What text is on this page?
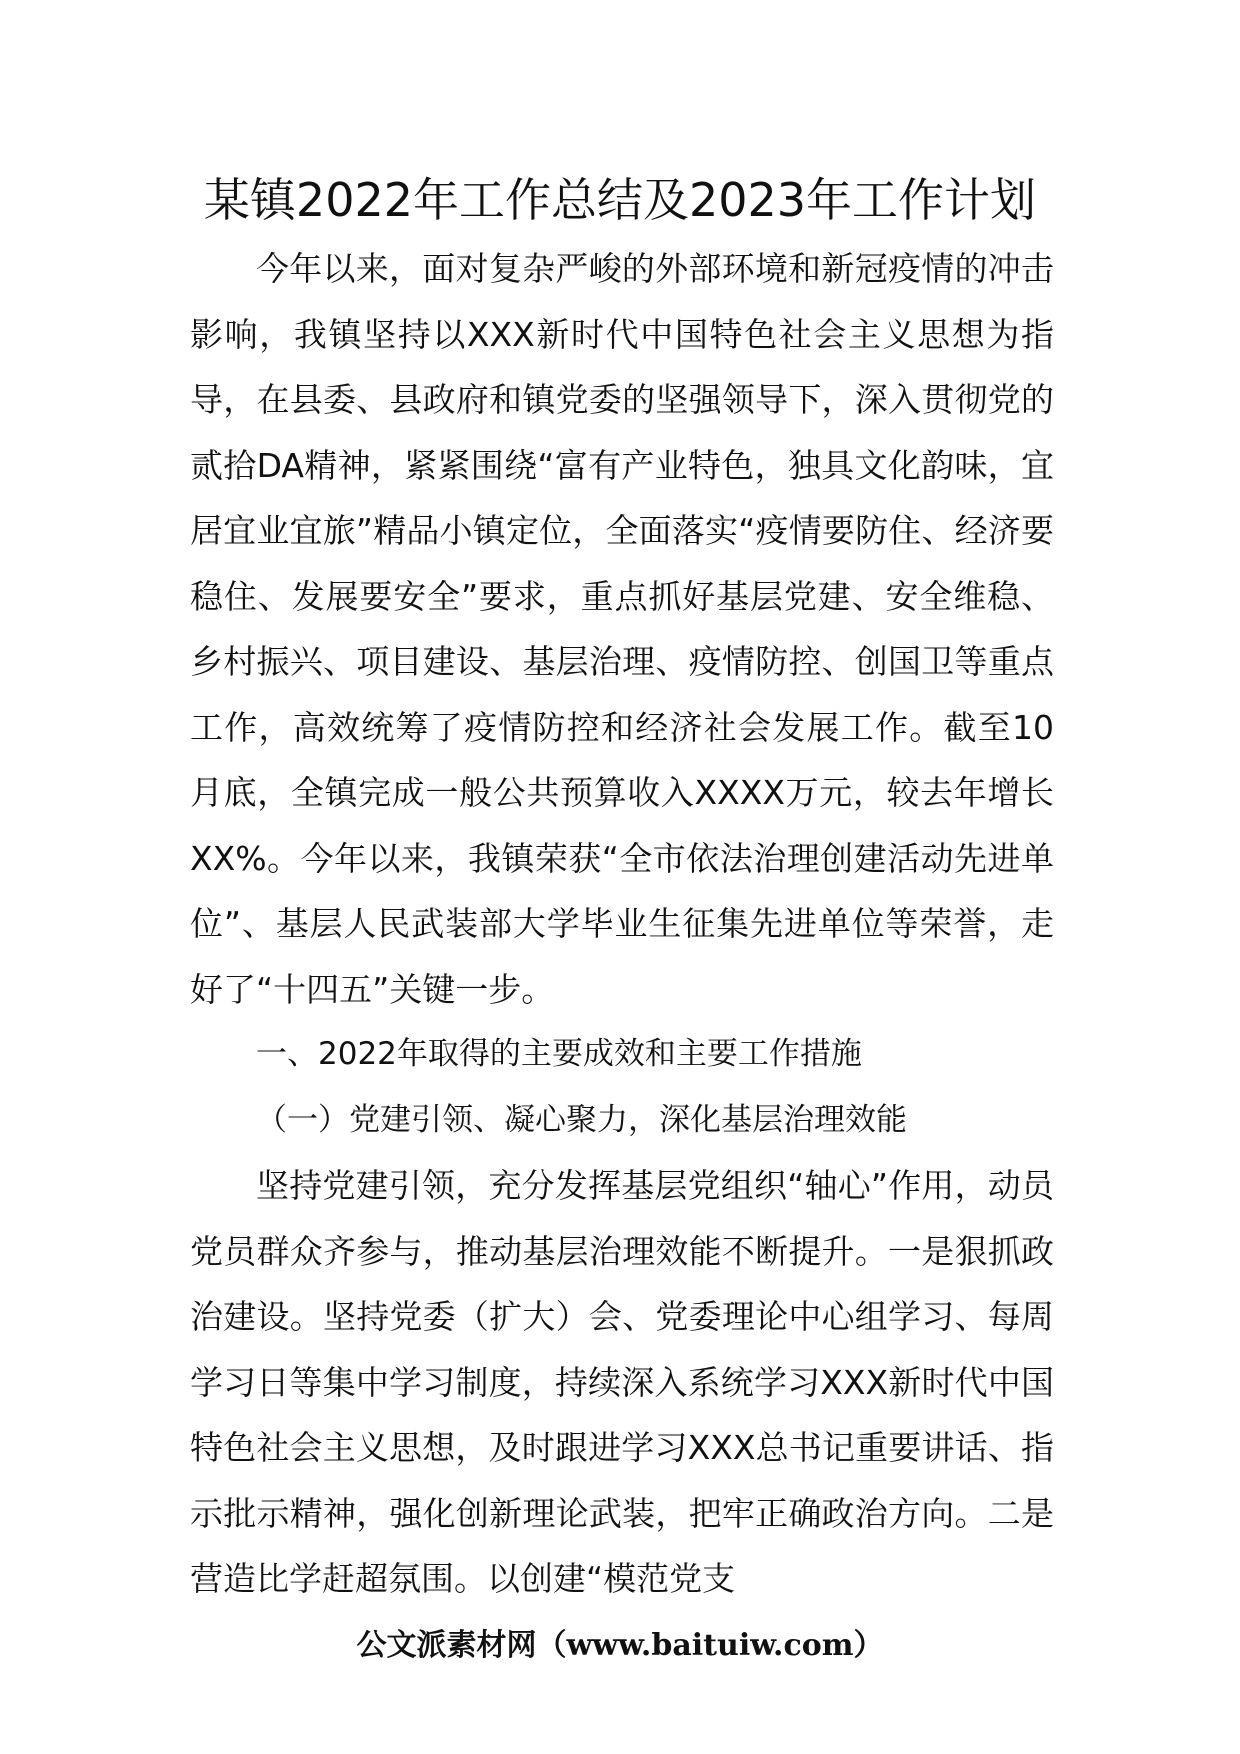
某镇2022年工作总结及2023年工作计划

今年以来，面对复杂严峻的外部环境和新冠疫情的冲击影响，我镇坚持以XXX新时代中国特色社会主义思想为指导，在县委、县政府和镇党委的坚强领导下，深入贯彻党的贰拾DA精神，紧紧围绕“富有产业特色，独具文化韵味，宜居宜业宜旅”精品小镇定位，全面落实“疫情要防住、经济要稳住、发展要安全”要求，重点抓好基层党建、安全维稳、乡村振兴、项目建设、基层治理、疫情防控、创国卫等重点工作，高效统筹了疫情防控和经济社会发展工作。截至10月底，全镇完成一般公共预算收入XXXX万元，较去年增长XX%。今年以来，我镇荣获“全市依法治理创建活动先进单位”、基层人民武装部大学毕业生征集先进单位等荣誉，走好了“十四五”关键一步。

一、2022年取得的主要成效和主要工作措施

（一）党建引领、凝心聚力，深化基层治理效能

坚持党建引领，充分发挥基层党组织“轴心”作用，动员党员群众齐参与，推动基层治理效能不断提升。一是狠抓政治建设。坚持党委（扩大）会、党委理论中心组学习、每周学习日等集中学习制度，持续深入系统学习XXX新时代中国特色社会主义思想，及时跟进学习XXX总书记重要讲话、指示批示精神，强化创新理论武装，把牢正确政治方向。二是营造比学赶超氛围。以创建“模范党支

公文派素材网（www.baituiw.com）
